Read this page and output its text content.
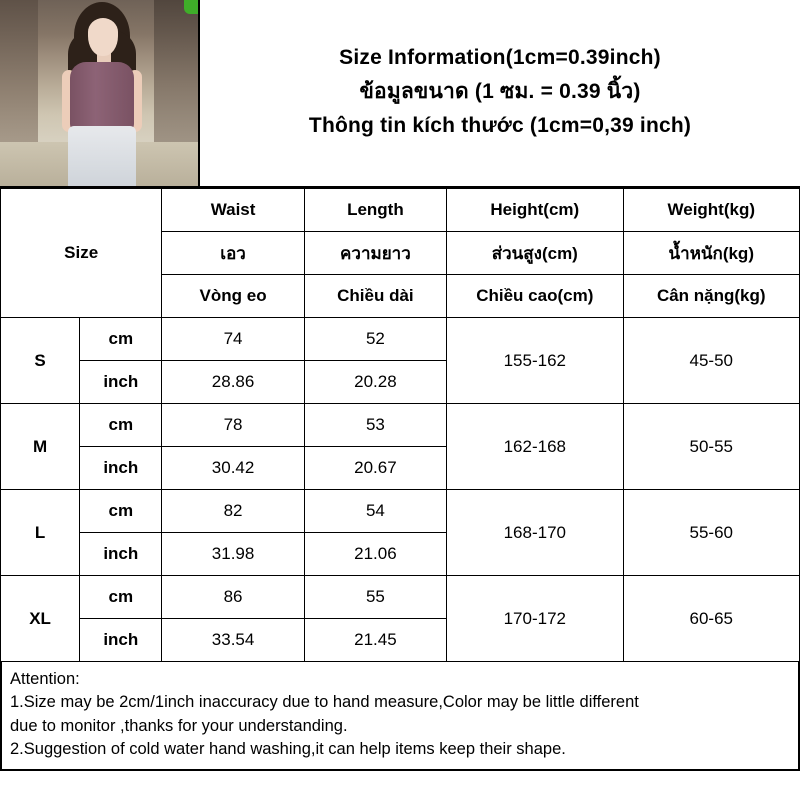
Size Information(1cm=0.39inch)
ข้อมูลขนาด (1 ซม. = 0.39 นิ้ว)
Thông tin kích thước (1cm=0,39 inch)
Size		Waist	Length	Height(cm)	Weight(kg)
		เอว	ความยาว	ส่วนสูง(cm)	น้ำหนัก(kg)
		Vòng eo	Chiều dài	Chiều cao(cm)	Cân nặng(kg)
S	cm	74	52	155-162	45-50
	inch	28.86	20.28		
M	cm	78	53	162-168	50-55
	inch	30.42	20.67		
L	cm	82	54	168-170	55-60
	inch	31.98	21.06		
XL	cm	86	55	170-172	60-65
	inch	33.54	21.45		

Attention:

1.Size may be 2cm/1inch inaccuracy due to hand measure,Color may be little different

due to monitor ,thanks for your understanding.

2.Suggestion of cold water hand washing,it can help items keep their shape.
